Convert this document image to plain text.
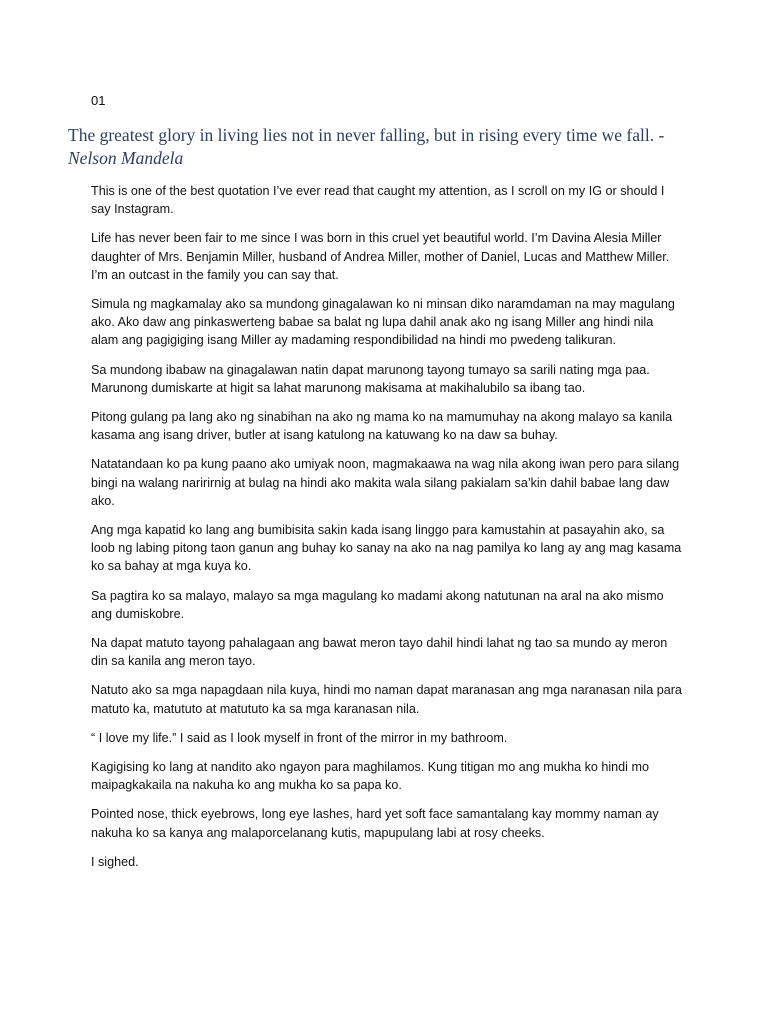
01
The greatest glory in living lies not in never falling, but in rising every time we fall. -
Nelson Mandela

This is one of the best quotation I’ve ever read that caught my attention, as I scroll on my IG or should I say Instagram.

Life has never been fair to me since I was born in this cruel yet beautiful world. I’m Davina Alesia Miller daughter of Mrs. Benjamin Miller, husband of Andrea Miller, mother of Daniel, Lucas and Matthew Miller. I’m an outcast in the family you can say that.

Simula ng magkamalay ako sa mundong ginagalawan ko ni minsan diko naramdaman na may magulang ako. Ako daw ang pinkaswerteng babae sa balat ng lupa dahil anak ako ng isang Miller ang hindi nila alam ang pagigiging isang Miller ay madaming respondibilidad na hindi mo pwedeng talikuran.

Sa mundong ibabaw na ginagalawan natin dapat marunong tayong tumayo sa sarili nating mga paa. Marunong dumiskarte at higit sa lahat marunong makisama at makihalubilo sa ibang tao.

Pitong gulang pa lang ako ng sinabihan na ako ng mama ko na mamumuhay na akong malayo sa kanila kasama ang isang driver, butler at isang katulong na katuwang ko na daw sa buhay.

Natatandaan ko pa kung paano ako umiyak noon, magmakaawa na wag nila akong iwan pero para silang bingi na walang naririrnig at bulag na hindi ako makita wala silang pakialam sa’kin dahil babae lang daw ako.

Ang mga kapatid ko lang ang bumibisita sakin kada isang linggo para kamustahin at pasayahin ako, sa loob ng labing pitong taon ganun ang buhay ko sanay na ako na nag pamilya ko lang ay ang mag kasama ko sa bahay at mga kuya ko.

Sa pagtira ko sa malayo, malayo sa mga magulang ko madami akong natutunan na aral na ako mismo ang dumiskobre.

Na dapat matuto tayong pahalagaan ang bawat meron tayo dahil hindi lahat ng tao sa mundo ay meron din sa kanila ang meron tayo.

Natuto ako sa mga napagdaan nila kuya, hindi mo naman dapat maranasan ang mga naranasan nila para matuto ka, matututo at matututo ka sa mga karanasan nila.

“ I love my life.” I said as I look myself in front of the mirror in my bathroom.

Kagigising ko lang at nandito ako ngayon para maghilamos. Kung titigan mo ang mukha ko hindi mo maipagkakaila na nakuha ko ang mukha ko sa papa ko.

Pointed nose, thick eyebrows, long eye lashes, hard yet soft face samantalang kay mommy naman ay nakuha ko sa kanya ang malaporcelanang kutis, mapupulang labi at rosy cheeks.

I sighed.
